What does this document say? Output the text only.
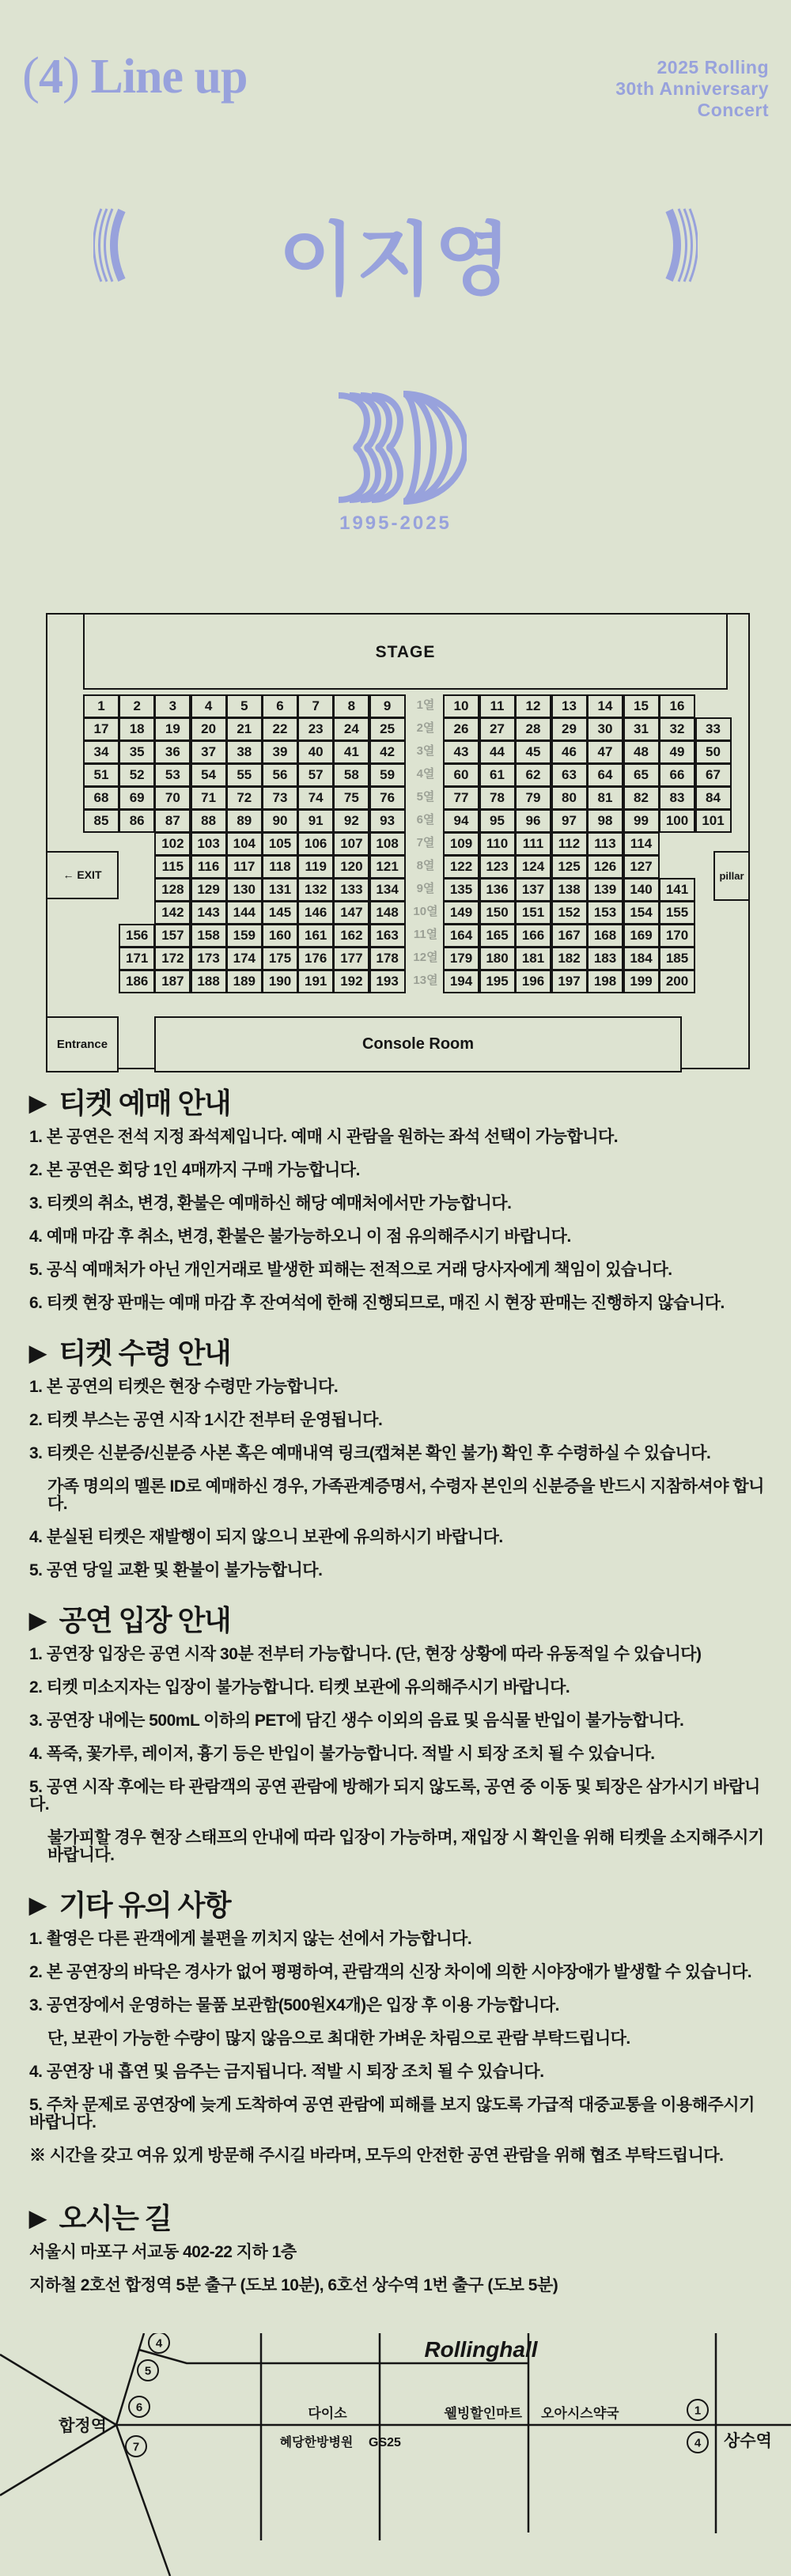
(4) Line up	2025 Rolling
30th Anniversary
Concert
이지영
1995-2025
STAGE
← EXIT
Entrance	Console Room
pillar
1	2	3	4	5	6	7	8	9	10	11	12	13	14	15	16
1열
17	18	19	20	21	22	23	24	25	26	27	28	29	30	31	32	33
2열
34	35	36	37	38	39	40	41	42	43	44	45	46	47	48	49	50
3열
51	52	53	54	55	56	57	58	59	60	61	62	63	64	65	66	67
4열
68	69	70	71	72	73	74	75	76	77	78	79	80	81	82	83	84
5열
85	86	87	88	89	90	91	92	93	94	95	96	97	98	99	100	101
6열
102 103 104 105 106 107 108	109	110	111	112	113	114
7열
115	116	117	118	119	120 121	122	123	124	125	126	127
8열
128 129 130 131 132 133 134	135	136	137	138	139	140	141
9열
142 143 144 145 146 147 148	149	150	151	152	153	154	155
10열
156 157 158 159 160 161 162 163	164	165	166	167	168	169	170
11열
171 172 173 174 175 176 177 178	179	180	181	182	183	184	185
12열
186 187 188 189 190 191 192 193	194	195	196	197	198	199	200
13열
▶ 티켓 예매 안내
1. 본 공연은 전석 지정 좌석제입니다. 예매 시 관람을 원하는 좌석 선택이 가능합니다.
2. 본 공연은 회당 1인 4매까지 구매 가능합니다.
3. 티켓의 취소, 변경, 환불은 예매하신 해당 예매처에서만 가능합니다.
4. 예매 마감 후 취소, 변경, 환불은 불가능하오니 이 점 유의해주시기 바랍니다.
5. 공식 예매처가 아닌 개인거래로 발생한 피해는 전적으로 거래 당사자에게 책임이 있습니다.
6. 티켓 현장 판매는 예매 마감 후 잔여석에 한해 진행되므로, 매진 시 현장 판매는 진행하지 않습니다.
▶ 티켓 수령 안내
1. 본 공연의 티켓은 현장 수령만 가능합니다.
2. 티켓 부스는 공연 시작 1시간 전부터 운영됩니다.
3. 티켓은 신분증/신분증 사본 혹은 예매내역 링크(캡쳐본 확인 불가) 확인 후 수령하실 수 있습니다.
가족 명의의 멜론 ID로 예매하신 경우, 가족관계증명서, 수령자 본인의 신분증을 반드시 지참하셔야 합니다.
4. 분실된 티켓은 재발행이 되지 않으니 보관에 유의하시기 바랍니다.
5. 공연 당일 교환 및 환불이 불가능합니다.
▶ 공연 입장 안내
1. 공연장 입장은 공연 시작 30분 전부터 가능합니다. (단, 현장 상황에 따라 유동적일 수 있습니다)
2. 티켓 미소지자는 입장이 불가능합니다. 티켓 보관에 유의해주시기 바랍니다.
3. 공연장 내에는 500mL 이하의 PET에 담긴 생수 이외의 음료 및 음식물 반입이 불가능합니다.
4. 폭죽, 꽃가루, 레이저, 흉기 등은 반입이 불가능합니다. 적발 시 퇴장 조치 될 수 있습니다.
5. 공연 시작 후에는 타 관람객의 공연 관람에 방해가 되지 않도록, 공연 중 이동 및 퇴장은 삼가시기 바랍니다.
불가피할 경우 현장 스태프의 안내에 따라 입장이 가능하며, 재입장 시 확인을 위해 티켓을 소지해주시기 바랍니다.
▶ 기타 유의 사항
1. 촬영은 다른 관객에게 불편을 끼치지 않는 선에서 가능합니다.
2. 본 공연장의 바닥은 경사가 없어 평평하여, 관람객의 신장 차이에 의한 시야장애가 발생할 수 있습니다.
3. 공연장에서 운영하는 물품 보관함(500원X4개)은 입장 후 이용 가능합니다.
단, 보관이 가능한 수량이 많지 않음으로 최대한 가벼운 차림으로 관람 부탁드립니다.
4. 공연장 내 흡연 및 음주는 금지됩니다. 적발 시 퇴장 조치 될 수 있습니다.
5. 주차 문제로 공연장에 늦게 도착하여 공연 관람에 피해를 보지 않도록 가급적 대중교통을 이용해주시기 바랍니다.
※ 시간을 갖고 여유 있게 방문해 주시길 바라며, 모두의 안전한 공연 관람을 위해 협조 부탁드립니다.
▶ 오시는 길
서울시 마포구 서교동 402-22 지하 1층
지하철 2호선 합정역 5분 출구 (도보 10분), 6호선 상수역 1번 출구 (도보 5분)
Rollinghall
합정역
상수역
다이소	웰빙할인마트 오아시스약국
혜당한방병원 GS25
4
5
6
7
1
4
